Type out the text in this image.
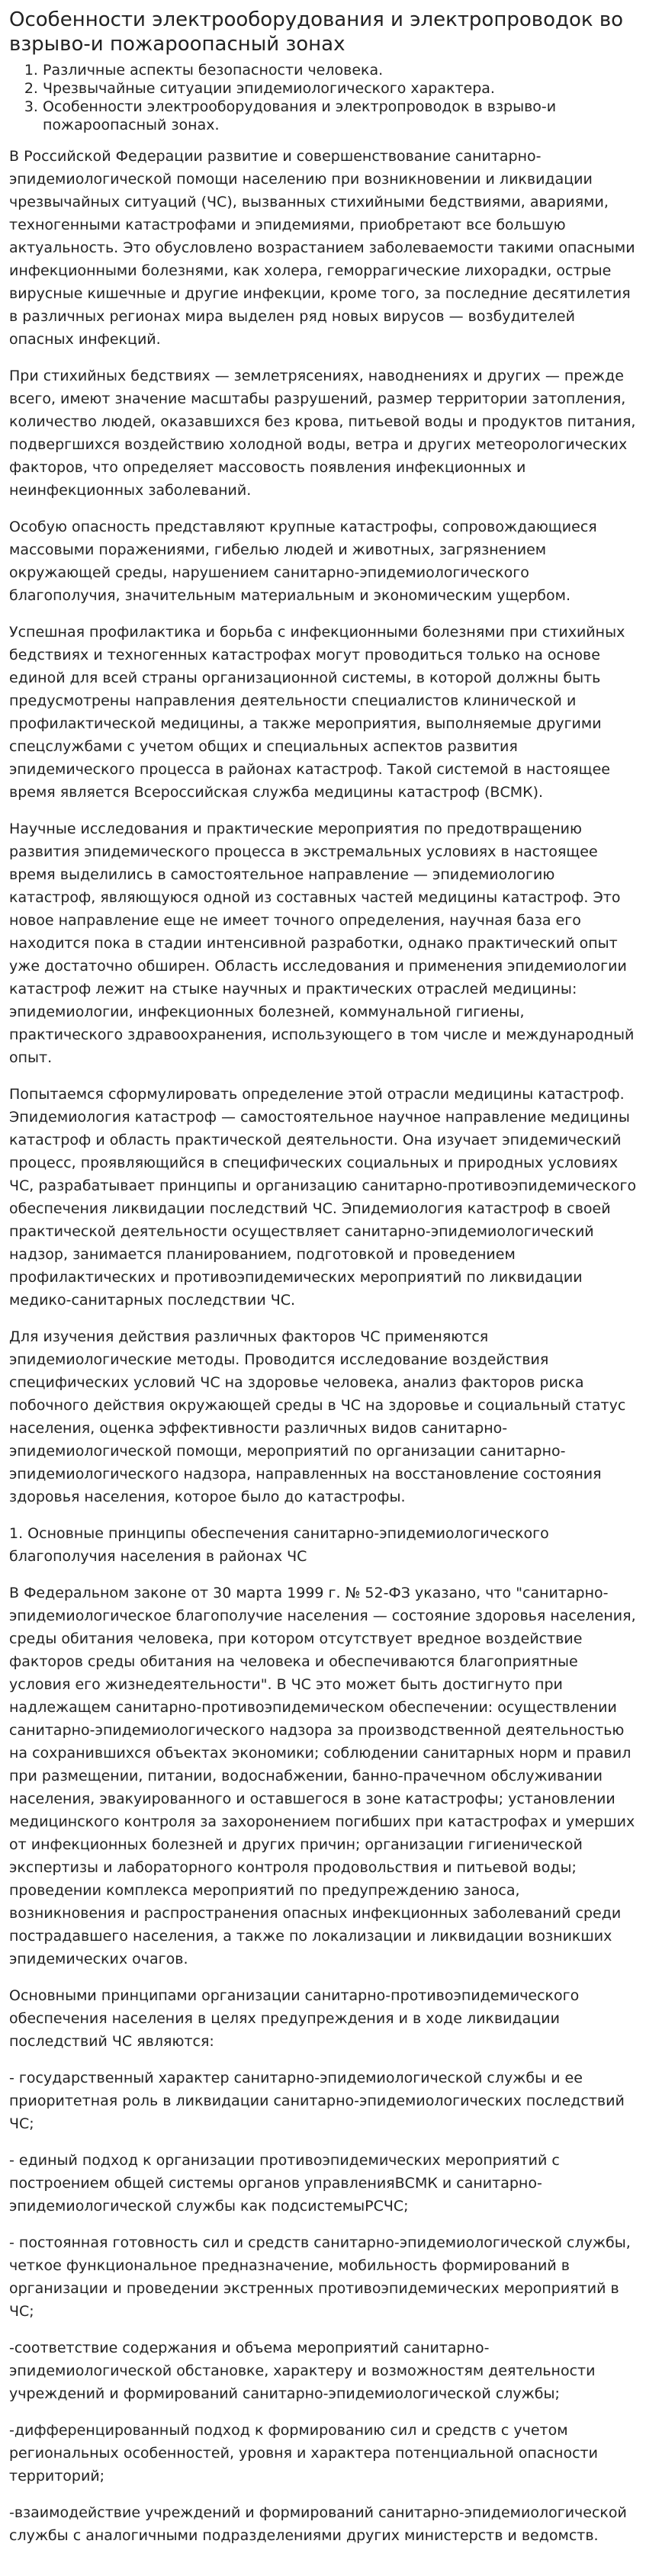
Особенности электрооборудования и электропроводок во взрыво-и пожароопасный зонах
1. Различные аспекты безопасности человека.
2. Чрезвычайные ситуации эпидемиологического характера.
3. Особенности электрооборудования и электропроводок в взрыво-и пожароопасный зонах.

В Российской Федерации развитие и совершенствование санитарно-эпидемиологической помощи населению при возникновении и ликвидации чрезвычайных ситуаций (ЧС), вызванных стихийными бедствиями, авариями, техногенными катастрофами и эпидемиями, приобретают все большую актуальность. Это обусловлено возрастанием заболеваемости такими опасными инфекционными болезнями, как холера, геморрагические лихорадки, острые вирусные кишечные и другие инфекции, кроме того, за последние десятилетия в различных регионах мира выделен ряд новых вирусов — возбудителей опасных инфекций.

При стихийных бедствиях — землетрясениях, наводнениях и других — прежде всего, имеют значение масштабы разрушений, размер территории затопления, количество людей, оказавшихся без крова, питьевой воды и продуктов питания, подвергшихся воздействию холодной воды, ветра и других метеорологических факторов, что определяет массовость появления инфекционных и неинфекционных заболеваний.

Особую опасность представляют крупные катастрофы, сопровождающиеся массовыми поражениями, гибелью людей и животных, загрязнением окружающей среды, нарушением санитарно-эпидемиологического благополучия, значительным материальным и экономическим ущербом.

Успешная профилактика и борьба с инфекционными болезнями при стихийных бедствиях и техногенных катастрофах могут проводиться только на основе единой для всей страны организационной системы, в которой должны быть предусмотрены направления деятельности специалистов клинической и профилактической медицины, а также мероприятия, выполняемые другими спецслужбами с учетом общих и специальных аспектов развития эпидемического процесса в районах катастроф. Такой системой в настоящее время является Всероссийская служба медицины катастроф (ВСМК).

Научные исследования и практические мероприятия по предотвращению развития эпидемического процесса в экстремальных условиях в настоящее время выделились в самостоятельное направление — эпидемиологию катастроф, являющуюся одной из составных частей медицины катастроф. Это новое направление еще не имеет точного определения, научная база его находится пока в стадии интенсивной разработки, однако практический опыт уже достаточно обширен. Область исследования и применения эпидемиологии катастроф лежит на стыке научных и практических отраслей медицины: эпидемиологии, инфекционных болезней, коммунальной гигиены, практического здравоохранения, использующего в том числе и международный опыт.

Попытаемся сформулировать определение этой отрасли медицины катастроф. Эпидемиология катастроф — самостоятельное научное направление медицины катастроф и область практической деятельности. Она изучает эпидемический процесс, проявляющийся в специфических социальных и природных условиях ЧС, разрабатывает принципы и организацию санитарно-противоэпидемического обеспечения ликвидации последствий ЧС. Эпидемиология катастроф в своей практической деятельности осуществляет санитарно-эпидемиологический надзор, занимается планированием, подготовкой и проведением профилактических и противоэпидемических мероприятий по ликвидации медико-санитарных последствии ЧС.

Для изучения действия различных факторов ЧС применяются эпидемиологические методы. Проводится исследование воздействия специфических условий ЧС на здоровье человека, анализ факторов риска побочного действия окружающей среды в ЧС на здоровье и социальный статус населения, оценка эффективности различных видов санитарно-эпидемиологической помощи, мероприятий по организации санитарно-эпидемиологического надзора, направленных на восстановление состояния здоровья населения, которое было до катастрофы.

1. Основные принципы обеспечения санитарно-эпидемиологического благополучия населения в районах ЧС

В Федеральном законе от 30 марта 1999 г. № 52-ФЗ указано, что "санитарно-эпидемиологическое благополучие населения — состояние здоровья населения, среды обитания человека, при котором отсутствует вредное воздействие факторов среды обитания на человека и обеспечиваются благоприятные условия его жизнедеятельности". В ЧС это может быть достигнуто при надлежащем санитарно-противоэпидемическом обеспечении: осуществлении санитарно-эпидемиологического надзора за производственной деятельностью на сохранившихся объектах экономики; соблюдении санитарных норм и правил при размещении, питании, водоснабжении, банно-прачечном обслуживании населения, эвакуированного и оставшегося в зоне катастрофы; установлении медицинского контроля за захоронением погибших при катастрофах и умерших от инфекционных болезней и других причин; организации гигиенической экспертизы и лабораторного контроля продовольствия и питьевой воды; проведении комплекса мероприятий по предупреждению заноса, возникновения и распространения опасных инфекционных заболеваний среди пострадавшего населения, а также по локализации и ликвидации возникших эпидемических очагов.

Основными принципами организации санитарно-противоэпидемического обеспечения населения в целях предупреждения и в ходе ликвидации последствий ЧС являются:

- государственный характер санитарно-эпидемиологической службы и ее приоритетная роль в ликвидации санитарно-эпидемиологических последствий ЧС;

- единый подход к организации противоэпидемических мероприятий с построением общей системы органов управленияВСМК и санитарно-эпидемиологической службы как подсистемыРСЧС;

- постоянная готовность сил и средств санитарно-эпидемиологической службы, четкое функциональное предназначение, мобильность формирований в организации и проведении экстренных противоэпидемических мероприятий в ЧС;

-соответствие содержания и объема мероприятий санитарно-эпидемиологической обстановке, характеру и возможностям деятельности учреждений и формирований санитарно-эпидемиологической службы;

-дифференцированный подход к формированию сил и средств с учетом региональных особенностей, уровня и характера потенциальной опасности территорий;

-взаимодействие учреждений и формирований санитарно-эпидемиологической службы с аналогичными подразделениями других министерств и ведомств.
